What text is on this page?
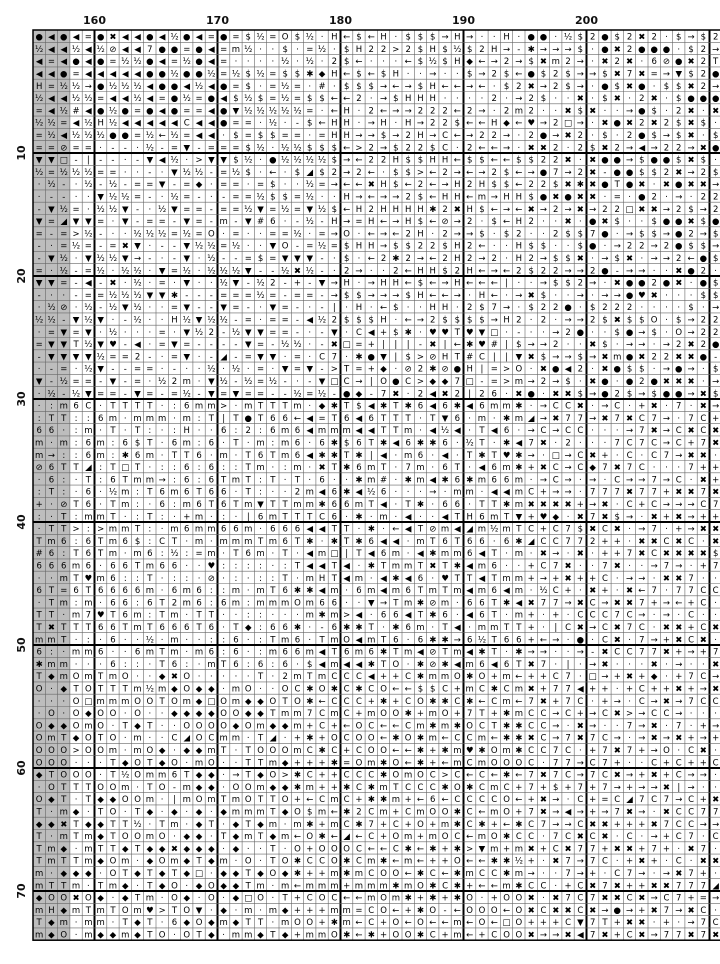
● ◀ ● ◀ = ● ✖ ◀ ◀ ● ◀ ½ ● ◀ = ● = $ ½ = O $ ½ · H ← $ ← H · $ $ $ → H → · · H · ● ● · ½ $ 2 ● $ 2 ✖ 2 · $ → $ 2
½ ◀ ◀ ½ ◀ ½ ⊘ ◀ ◀ 7 ● ● = ● ◀ = m ½ · · $ · = ½ · $ H 2 2 > 2 $ H $ ½ $ 2 H → - ✱ → → → $ · ● ✖ 2 ● ● ● · $ 2 →
◀ = ◀ ● ◀ ● = ½ ½ ● ◀ = ½ ● ◀ = · · · · ½ · ½ · 2 $ ← · · · ← $ ½ $ H ◆ ← → 2 → $ ✖ m 2 → · ✖ 2 ✖ · 6 ⊘ ● ✖ 2 T
◀ ◀ ● = ◀ ◀ ◀ ◀ ◀ ● ● ½ ● ● ½ = ½ $ ½ = $ $ ✱ ◆ H ← $ ← $ H · · → · · $ → 2 $ ← ● $ 2 $ → → $ ✖ 7 ✖ = → ▼ $ 2 ●
H = ½ ½ → ● ½ ½ ½ ◀ ● ● ◀ ½ ◀ ● = $ · = ½ = · # · $ $ $ → ← → $ H ← ← → ← · $ 2 ✖ → 2 $ → · ● $ ✖ ● · $ $ ✖ 2 →
½ ◀ ◀ ½ ½ = ◀ ◀ ½ ◀ = ● ½ = ● ◀ $ ½ $ = ½ = $ $ ← ← 2 · → $ H H H · · · · 2 · → 2 $ · · ✖ · $ ✖ · 2 ✖ · $ ● ● ●
= ◀ ½ # ◀ ● ½ ● = ● ◀ ● = = ◀ ● ▼ ½ ½ ½ ½ ½ = · ← H · 2 ← → → 2 2 2 ← 2 → · 2 m 2 · · ✖ $ ✖ · · → ● $ · 2 ✖ · ✖
½ ½ = ◀ ½ H ½ ◀ ◀ ◀ ◀ ◀ C ◀ ◀ ● = = · ½ · - $ ← H H · → H · H → 2 2 $ ← ← H ◆ ← ♥ → 2 □ → · ✖ ● ✖ 2 ✖ 2 $ ✖ $ ·
= ½ ◀ ½ ½ ½ ● ● = ½ ← ½ = ◀ ◀ · $ = $ $ = = · = H H → → $ → 2 H → C ← → 2 2 → · 2 ● → ✖ 2 · $ · 2 ● $ → $ ✖ · $
= = ⊘ = = · - - · ½ - = ▼ - = = = $ ½ · ½ ½ $ $ $ ← > 2 → $ 2 2 $ C · 2 ← ← → · ✖ ✖ 2 · 2 $ ✖ 2 → ◀ → 2 2 → ✖ ●
▼ ▼ □ - | - - · - ▼ ◀ ½ · > ▼ ▼ $ ½ · ● ½ ½ ½ ½ $ → ← 2 2 H $ $ H H ← $ $ ← ← $ $ 2 2 ✖ · ✖ ● ● → $ ● ● $ ✖ $ ·
½ = ½ ½ ½ = = · · - · ▼ ½ ½ - = ½ $ · ← · $ ◢ $ 2 → 2 ← · $ $ > ← 2 → ← → 2 $ ← → ● 7 → 2 ✖ - ● ● $ $ 2 ✖ → 2 $
· ½ - · ½ - ½ - = = ▼ - = ◆ · = = · = $ · · ½ = → ← ← ✖ H $ ← 2 ← → H 2 H $ $ ← 2 2 $ ✖ ✱ ✖ ● T ● ✖ · ✖ ● ✖ ✖ →
· - - · · ▼ ½ ½ = - · ½ = - · - = = ½ $ $ = ½ · · H → ← → → 2 $ ← H H ← m → H H $ ● ✖ ● ✖ ✖ · = · ● 2 · → · 2 2
- ▼ ½ = · ½ ½ ▼ - · ½ ▼ = = - = = ½ ▼ = ½ = ▼ ½ $ ← H 2 H H H H ✱ 2 ✖ H $ ← → ← ✖ → 2 → ✖ → 2 2 □ ✖ ✖ → 2 $ → 2
▼ = ◢ ▼ ▼ = · ▼ - = = - ▼ = - m - ▼ # 6 · - ½ - H → = H ← → H $ ← ⊘ → 2 · $ ← H 2 · · ✖ · ● ✖ $ · · $ ● ● ✖ $ ●
= - = > ½ - · · ½ ½ ½ = ½ = O · = · · = = ½ · = → O · ← → ← 2 H · 2 → → $ · $ 2 · · 2 $ $ 7 ● · → $ $ → ● 2 → $
- · = ½ = - = ✖ ▼ · - - ▼ ½ ½ = ½ · · ▼ O - = ½ = $ H H → $ $ 2 2 $ H 2 ← · · H $ $ · · $ ● · → 2 2 → 2 ● $ $ →
- ▼ ½ · ▼ ½ ½ ▼ → - · - ▼ · ½ - - = $ = ▼ ▼ ▼ - · $ · ← 2 ✱ 2 → ← 2 H 2 → 2 · H 2 → $ $ ✖ · → $ ✖ · → → 2 ← ● $
= · ½ - = ½ · ½ ½ · ▼ = ½ · ½ ½ ½ ▼ - - ½ ✖ ½ - · 2 → · · 2 ← H H $ 2 H ← → ← 2 $ 2 2 → → 2 ● - → → · · ✖ ● 2 ·
▼ ▼ = - ◀ - ✖ · ½ · = · ▼ · · ½ ▼ - ½ 2 - + - ▼ → H · → H H ← $ ← → H ← ← ← | · · → $ $ 2 → · ✖ ● ● 2 ● ✖ · ● $
- · · - = = ½ ½ ½ ▼ ▼ ✱ - - - = = = ½ = - = = - → $ $ → → → $ H ← ← → · H ← · → ✖ $ · · → · → → ● ♥ ✖ · · · $ $
· ½ ⊘ · ½ - ½ ▼ ½ · · = ▼ - - ▼ = - · ▼ = - · - | · H · ← $ · · H H · 2 $ 7 → · $ 2 2 ● · $ 2 2 2 · · · · $ · →
½ ½ - ▼ ½ ▼ · - ½ · · H ½ ▼ ½ ½ - = · = = - ◀ ½ 2 $ $ $ H · ← → 2 $ $ $ $ → H 2 · 2 · → → 2 $ ✖ $ $ O · $ → 2 2
· = ▼ = ▼ · ½ · · · = · ▼ ½ 2 - ½ ▼ ▼ = = - · - ▼ · C ◀ + $ ✱ · ♥ ♥ T ♥ ▼ □ · - · · → 2 ● · · $ ● → $ · O → 2 2
= ▼ ▼ T ½ ▼ ♥ - ◀ · = ▼ = - - - - ▼ = - ½ ½ · - ✖ □ = + | | | - ✖ | ← ✱ ♥ # | $ → → 2 · · ✖ $ · → → · → 2 ✖ 2 ●
- ▼ ▼ ▼ ▼ ½ = = 2 - · = ▼ · - ◢ - = ▼ ▼ · = · C 7 · ✱ ● ▼ | $ > ⊘ H T # C | | ▼ ✖ $ → → $ → ✖ m ● ✖ 2 2 ✖ ✖ ● -
· - = · ½ ▼ - - = = · - · · ½ · ½ · = · ▼ = ▼ - > T = + ◆ · ⊘ 2 ✱ ⊘ ● H | = > O · ✖ ● ◀ 2 · ✖ ● $ $ · → ● → · $
▼ - ½ = = - ▼ - = · ½ 2 m · ▼ ½ - ½ = ½ - · - ▼ □ C → | O ● C > ◆ ◆ 7 □ - = > m → 2 → $ · ✖ ● · ● 2 ● ✖ ✖ ✖ · →
· ½ - ½ ▼ = = - ▼ = - = ½ - ▼ = ▼ = = - - ½ = ½ - ● ◆ - 7 ✖ · 2 ◀ ✖ 2 | 2 6 · ✖ ● · ✖ ✖ $ → ● 2 $ → $ ● ● → ✖ $
· : m 6 C · T T T T · : 6 m m > · m T T T m · ◆ ✱ T $ ◀ ✱ T ✱ 6 ◀ 6 ✱ ◀ 6 m m ✱ · → C C ✖ · → C · + ✖ · 7 · ✖ →
: T T : : 6 m · m m m · m : T | T ● T 6 6 ← ◀ = T 6 ◀ 6 T T T · T ▼ 6 · m · ✱ m ◢ → ✖ 7 7 → ✖ 7 ✖ C 7 → · 7 C +
6 6 · : m · T · T : · : H · · 6 : 2 : 6 m 6 ◀ m m m ◀ ◀ T T m · ◀ ½ ◀ · T ◀ 6 · → C → C C · · · → 7 ✖ → C ✖ C ✖
m · m : 6 m : 6 $ T · 6 m : 6 · T · m : m 6 · 6 ✱ $ 6 T ✱ ◀ 6 ✱ ✱ 6 · ½ T · ✱ ◀ 7 ✖ · 2 · · · 7 C 7 C → C + 7 ✖
m → : : 6 m : ✱ 6 m · T T 6 · m · T 6 T m 6 ◀ ✱ ✱ T ✱ | ◀ · m 6 · ◀ · T ✱ T ♥ ✱ → · □ → C ✖ + · C · C 7 → ✖ ✖ ·
⊘ 6 T T ◢ : T □ T · : : 6 : 6 : : T m · : m · ✖ T ✱ 6 m T · 7 m · 6 T · ◀ 6 m ✱ + ✖ C → C ◆ 7 ✖ 7 C · · · 7 + +
· 6 : · T : 6 T m m → : 6 : 6 T m T : T · T · 6 · · ✱ m # · ✱ m ◀ ✱ 6 ✱ m 6 6 m · → C → · → · C → → 7 → C · ✖ +
: T : · 6 · ½ m : T 6 m 6 T 6 6 · T : · · 2 m ◀ 6 ✱ ◀ ½ 6 · · · → · m m · ◀ ◀ m C + → → · 7 7 7 ✖ 7 7 + ✖ ✖ 7 ✖
+ · ⊘ T 6 · T m : · 6 : m 6 T 6 T m ▼ T T m m ✱ 6 6 m T ◀ · T ✱ · 6 6 · T T ✱ m ✖ ✖ ✖ ✖ + → ✖ · C + C → → → C 7
: · T : m m T · : T : · + m · : · | 6 m T T T C 6 · ✱ · m · ◀ · · ◀ T H 6 m T ▼ + ♥ ◆ · ✖ 7 ✖ $ → · ✖ + ✖ → + +
· T T > : > m m T : · m 6 m m 6 6 m · 6 6 6 ◀ ◀ T T · ✱ · ← ◀ T ⊘ m ◀ ◢ m ½ m T C + C 7 $ ✖ C ✖ · → 7 · + → ✖ ✖
T m 6 : 6 T m 6 $ : C T · m · m m m T m 6 T ✱ · ✱ T ✱ 6 ◀ ◀ · m T 6 T 6 6 · 6 ✱ ◢ C C 7 7 2 + + · ✖ ✖ C ✖ C · ✖
# 6 : T 6 T m · m 6 : ½ : = m · T 6 m · T · ◀ m □ | T ◀ 6 m · ◀ ✱ m m 6 ◀ T · m · ✖ → · ✖ · + + 7 ✖ C ✖ ✖ ✖ ✖ $
6 6 6 m 6 · 6 6 T m 6 6 · · ♥ : : : : · : T ◀ ◀ T ◀ · ✱ T m m T ✖ T ✱ ◀ m 6 · · + C 7 ✖ · · 7 ✖ · · → 7 → · + 7
· · m T ♥ m 6 : : T · : : · ⊘ · : · : : T · m H T ◀ m · ◀ ✱ ◀ 6 · ♥ T T ◀ T m m + → + ✖ + + C · → → · ✖ ✖ 7 · ·
6 T = 6 T 6 6 6 6 m · 6 m 6 : : m · m T 6 ✱ ✱ ◀ m · 6 m ◀ m 6 T m T m ◀ m 6 ◀ m · ½ C + · ✖ + · ✖ ← 7 · 7 7 C C
· T m : m · 6 6 : 6 T 2 m 6 : 6 m : m m m O m 6 6 · · ▼ → T m ✱ ⊘ m · 6 6 T ✱ ◀ ✖ 7 7 → ✖ C → ✖ ✖ 7 + → ← + C ·
T T · m 7 ♥ T 6 m : T m · T T · · : : · · · m ✱ m > ◀ · 6 6 ◀ T ✱ 6 · ◀ 6 T · m + · + · C C C 7 C → · → · C · ·
T ✖ T T T 6 6 T m T 6 6 6 T 6 · T ◆ : 6 6 ✱ · - 6 ✱ ✱ T · ✱ 6 m · T ◀ · m m T T + · | C ✖ → C ✖ 7 C · ✖ ✖ + C ✖
m m T · : · 6 · · ½ · m · · : : 6 · : T m 6 · T m O ◀ m T 6 · 6 ✱ ✱ → 6 ½ T 6 6 + ← → · ● · C ✖ · 7 → + ✖ C ✖ ·
6 : · m m 6 · · 6 m T m · m 6 : 6 · : m 6 6 m ◀ T 6 m 6 ✱ T m ◀ ⊘ T m ◀ ✱ T · ✱ → → · · → - ✖ C C 7 7 ✖ + → + 7
✱ m m · · · 6 : : · T 6 : · m T 6 : 6 : 6 · $ ◀ m ◀ ◀ ✱ T O · ✱ ⊘ ✱ ◀ m 6 ◀ 6 T ✖ 7 · | · → ✖ · · · ✖ · → · · ✖
T ◆ m O m T m O · · ◆ ✖ O · · · · · T · 2 m T m C C C ◀ + + C ✱ m m O ✱ O + m ← + + C 7 · □ → + ✖ + ◆ · + 7 C →
O · ◆ T O T T T m ½ m ◆ O ◆ ◆ · m O · · O C ✱ O ✱ C ✱ C O ← ← $ $ C + m C ✱ C m ✖ + 7 7 ◀ + + · + C + + ✖ + → ✖
· · · O □ m m m O O T O m ◆ □ O m ◆ ◆ O T O ✱ ← C C C + ✱ + C O ✱ ✱ C ✱ ← C m ← 7 ✖ + 7 C · + → · C → ✖ → 7 C C
· O · O ◆ O O · O · · ◆ ◆ ◆ ◆ O O ◆ ◆ T m m 7 C m C + m O O ✱ + m O + 7 T + ✱ m C C → C + → C ✖ > → C C → · · ·
O ◆ ◆ O m O · T ◆ T · · O O O O ◆ O m ◆ ◆ m + C + ← O C ← ← C m ✱ m ✱ O C T ✱ ✱ C C → · ✖ → · · 7 → ✖ · 7 · + →
O m T ◆ O T O · m · · C ◢ O C m m · T ◢ · + ✱ + O C O O ← ✱ O ✱ m ← C C m ← ✱ ✱ ✖ C → 7 ✖ 7 C → · → ✖ → ✖ + → +
O O O > O O m · m O ◆ · ◆ ◆ m T · T O O O m C ✱ C + C O O ← ← ✱ + ✱ m ♥ ✱ O m ✱ C C 7 C · + 7 ✖ 7 + → O · C ✖ ·
O O O · · · T ◆ O T ◆ O · m O · · T T m ◆ + + + ✱ = O m ✱ O ← ✱ + ← m C m O O O C · 7 7 → C 7 + · · C + C + + C
◆ T O O O · T ½ O m m 6 T ◆ ◆ · → T ◆ O > ✱ C + + C C C ✱ O m O C > C ← C ← ✱ ← 7 ✖ 7 C → 7 C ✖ → + ✖ + C → → ·
· O T T T O O m · T O - m ◆ ◆ · O O m ◆ ◆ ✱ m + + ✱ C ✱ m T C C C ✱ O ✱ C m C + 7 + $ + 7 + 7 → + → → ✖ | → · ·
O ◆ T · T ◆ ◆ O O m · | m O m T m O T T O + ← C m C + ✱ ✱ m + ← 6 ← C C C C O ← + ✖ → · C + = C ◢ 7 C 7 → C + ✖
T · m ◆ · T O · T ◆ · ◆ · ◆ · ◆ m m m T ◆ O $ m ← ✱ 2 C m + C m O O ✱ C ← m O + 7 ✖ → ◀ → + → 7 ✖ → · ✖ C C 7 7
◆ ◆ ✖ T ◆ ◆ T T ½ · T m · ◆ T · ◆ T ◆ m · m ✱ + m C ✱ 7 + C + O + m ✱ C ✱ + ← ✱ C 7 → → C ✖ ✖ + + + ✖ 7 C C → →
T · m T m ◆ T O O m O · ◆ ◆ · T ◆ m T ◆ m ← O ✱ ← ◢ ← C + O m + m O C ← m O ✱ C C · 7 C ✖ C ✖ · C · → + C 7 · C
T m ◆ · m T T ◆ T ◆ ◆ ✖ ◆ ◆ ◆ · ◆ · · T · O + O O O C ← ← C ✱ ← ✱ + ✱ > ▼ m + m ✖ + C ✖ 7 7 + ✖ ✖ + 7 + · ✖ 7 ·
T m T T m ◆ O m · ◆ O m ◆ T ◆ m · O · T O ✱ C C O ✱ C m ✱ ← m ← + + O ← ← ✱ ✱ ½ + · ✖ 7 → 7 C · + ✖ + · C · ✖ ✖
m · ◆ ◆ ◆ · O T ◆ T ◆ T ◆ □ · ◆ ◆ T ◆ O ◆ ✱ + + m ✱ m C O O ← ✱ C ← ✱ m C C ✱ m → · · 7 → + · C 7 → · → ✖ 7 + ·
m T T m · T m ◆ · T ◆ O · ◆ O ◆ ◆ T m · m ← m m m + m m m ✱ m O ✱ C ✱ + ← ← m ✱ C C · + C ✖ 7 ✖ + + ✖ ✖ 7 7 7 ◢
◆ O O ✖ O ◆ · ◆ T m · O ◆ · O · ◆ □ O · T + C O C ← ← m O m ✱ + ✱ + ✱ O · + O O ✖ · ✖ 7 C 7 ✖ ✖ C ✖ → C 7 + = →
m H ◆ m T m T O m ♥ > T O ▼ · ◆ · m · m ◆ + + + m m = C O ← + ✱ O - ← O O O ← O ✖ C ✖ ✖ C ✖ → ● → + ✖ 7 → ✖ C ·
T ◆ m · m m · T ◆ T · 6 ◆ O ◆ m ◆ T T · m O O + ✱ m ← C + O ← O ← ← m ← O ← □ O + + + C ▼ 7 T + ✖ ✖ · + · → 7 C
m ◆ O · m ◆ ◆ m ◆ T O · O T ◆ · m m ◆ T ◆ + m m O ✱ ← ✱ + O O ✱ C + m ← + C O O ✖ → → ✖ ◀ 7 ✖ + C ✖ → 7 7 ✖ 7 ✖
160	170	180	190	200
10
20
30
40
50
60
70
